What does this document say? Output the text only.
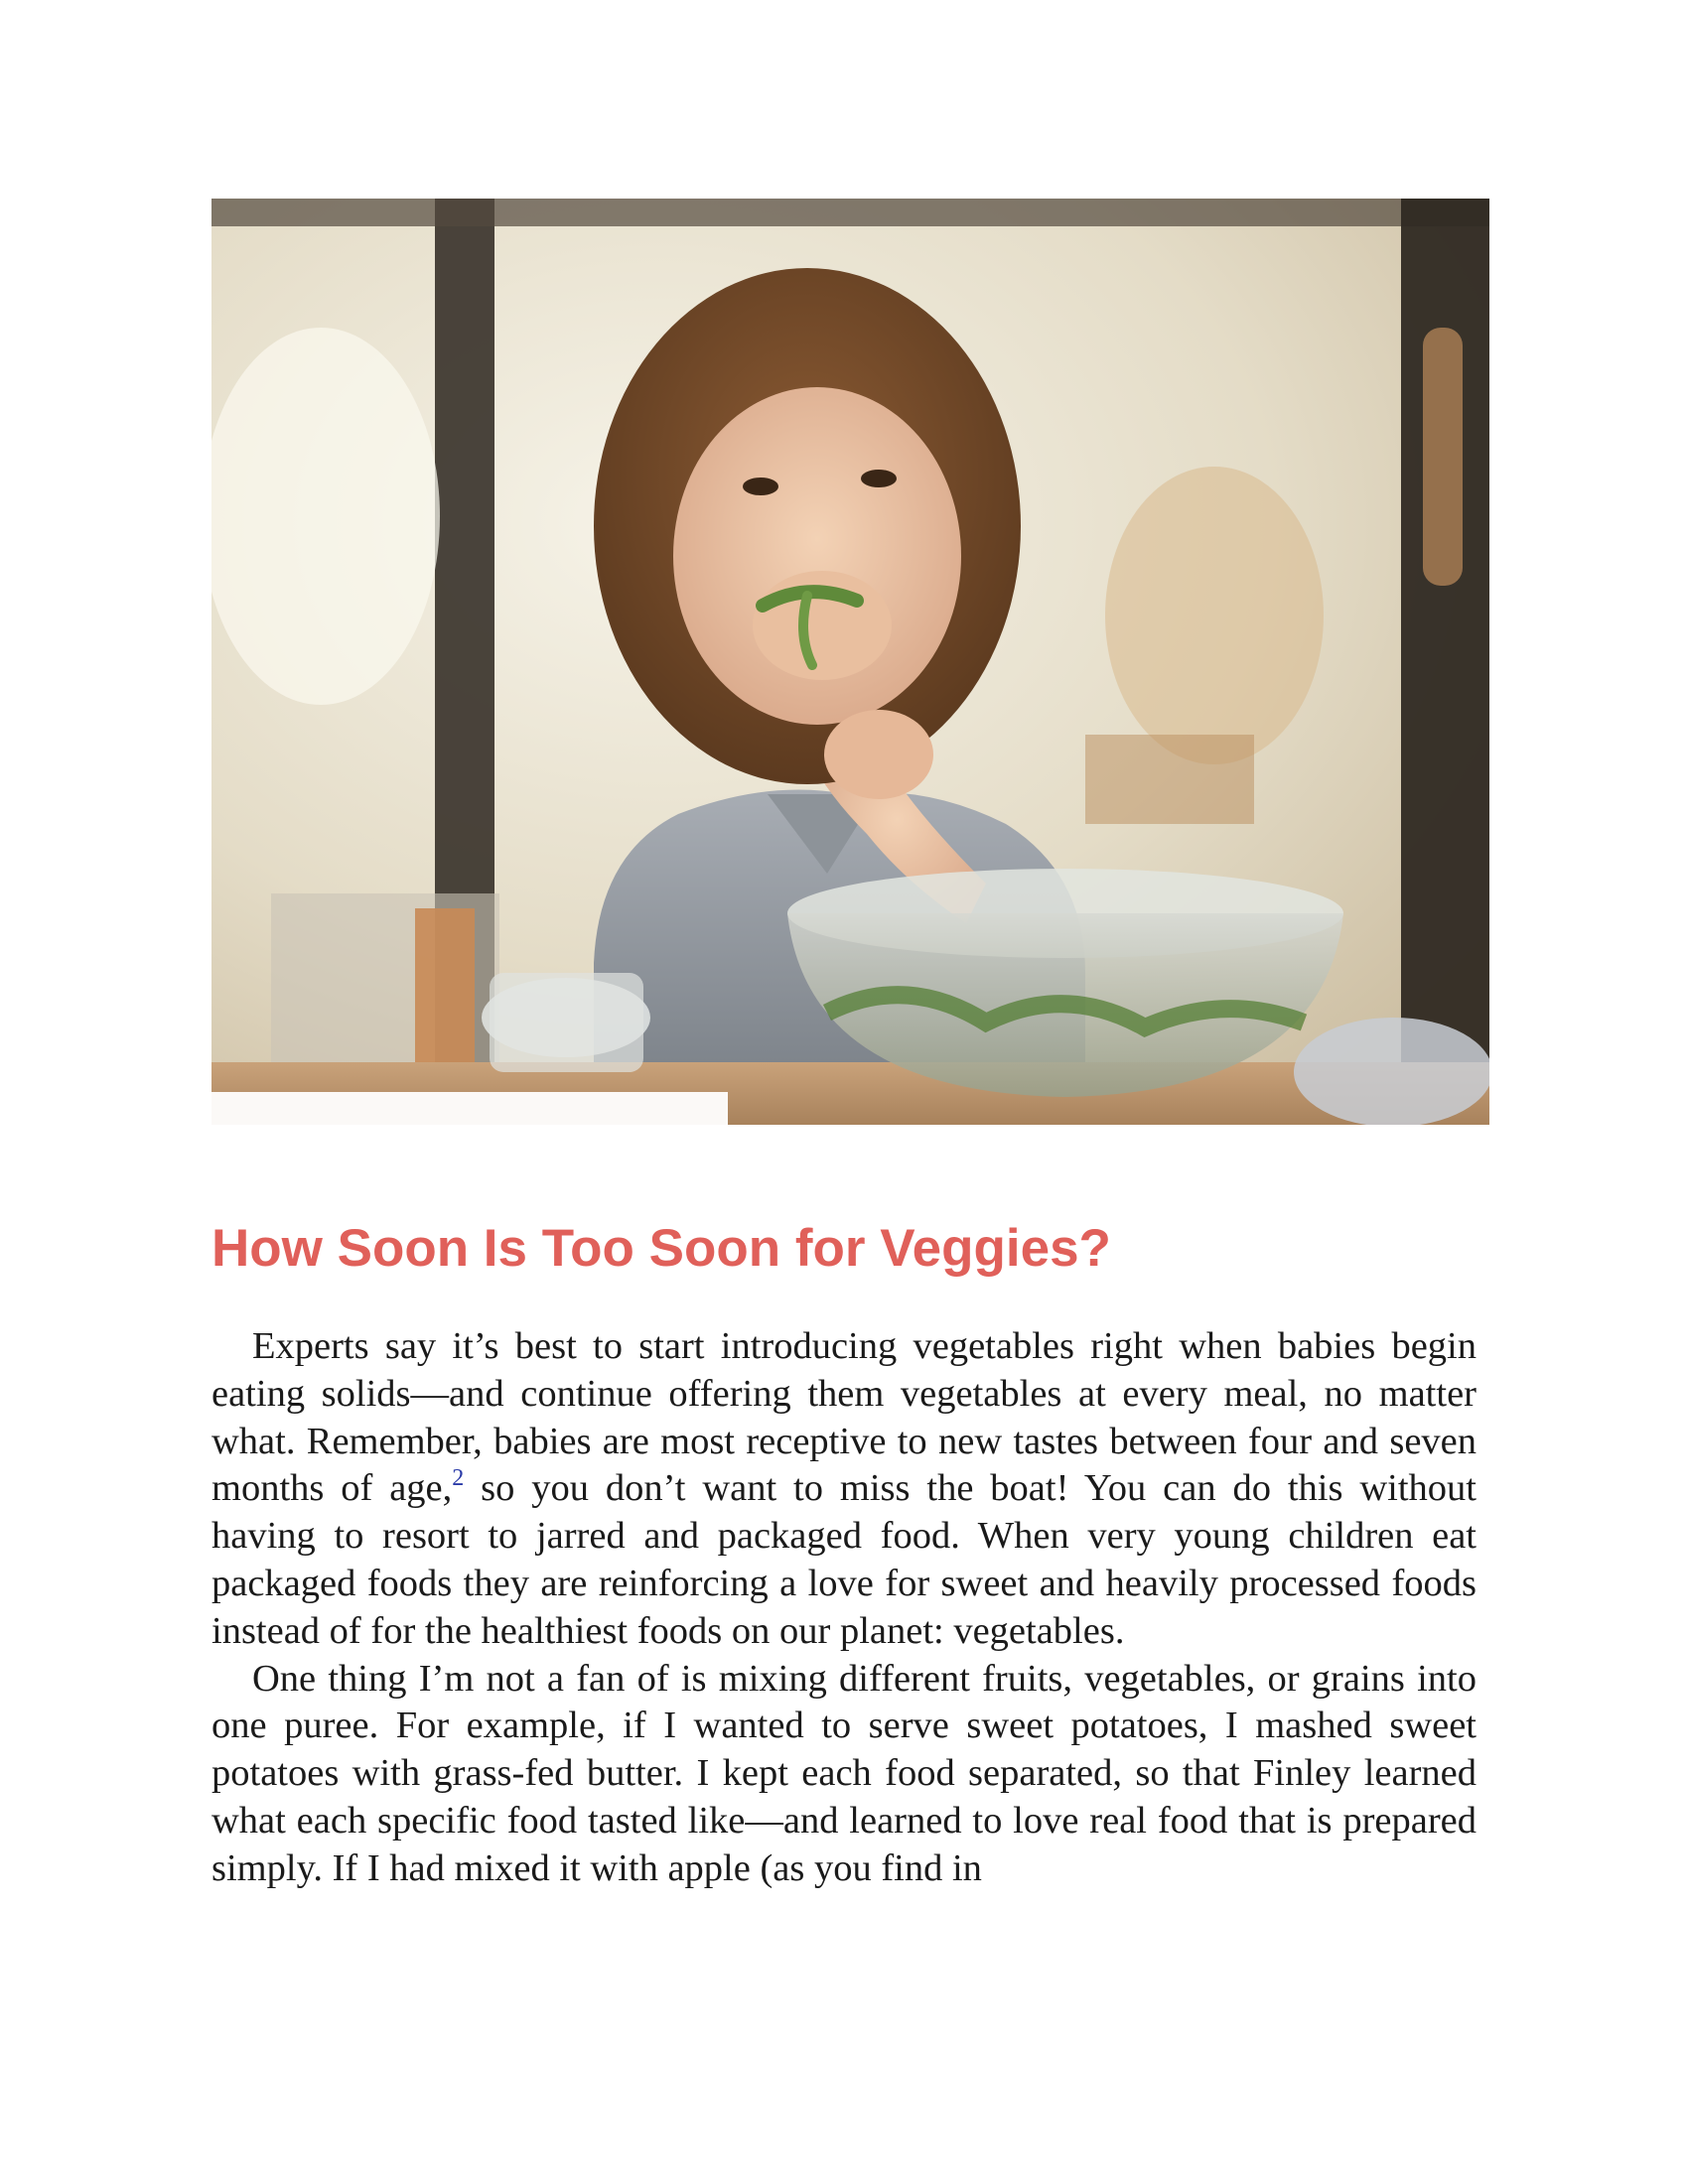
How Soon Is Too Soon for Veggies?

Experts say it’s best to start introducing vegetables right when babies begin eating solids—and continue offering them vegetables at every meal, no matter what. Remember, babies are most receptive to new tastes between four and seven months of age,$^2$ so you don’t want to miss the boat! You can do this without having to resort to jarred and packaged food. When very young children eat packaged foods they are reinforcing a love for sweet and heavily processed foods instead of for the healthiest foods on our planet: vegetables.

One thing I’m not a fan of is mixing different fruits, vegetables, or grains into one puree. For example, if I wanted to serve sweet potatoes, I mashed sweet potatoes with grass-fed butter. I kept each food separated, so that Finley learned what each specific food tasted like—and learned to love real food that is prepared simply. If I had mixed it with apple (as you find in
